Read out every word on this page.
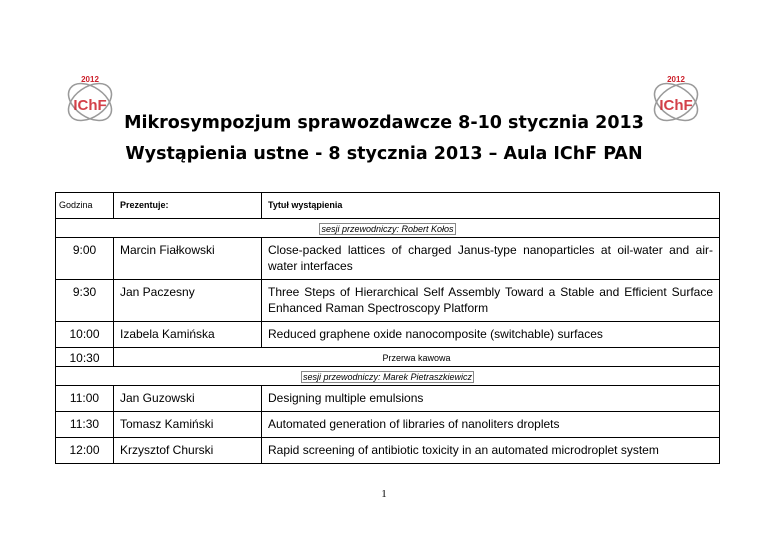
2012
IChF
2012
IChF
Mikrosympozjum sprawozdawcze 8-10 stycznia 2013
Wystąpienia ustne - 8 stycznia 2013 – Aula IChF PAN
Godzina	Prezentuje:	Tytuł wystąpienia
sesji przewodniczy: Robert Kołos		
9:00	Marcin Fiałkowski	Close-packed lattices of charged Janus-type nanoparticles at oil-water and air-water interfaces
9:30	Jan Paczesny	Three Steps of Hierarchical Self Assembly Toward a Stable and Efficient Surface Enhanced Raman Spectroscopy Platform
10:00	Izabela Kamińska	Reduced graphene oxide nanocomposite (switchable) surfaces
10:30	Przerwa kawowa	
sesji przewodniczy: Marek Pietraszkiewicz		
11:00	Jan Guzowski	Designing multiple emulsions
11:30	Tomasz Kamiński	Automated generation of libraries of nanoliters droplets
12:00	Krzysztof Churski	Rapid screening of antibiotic toxicity in an automated microdroplet system
1
